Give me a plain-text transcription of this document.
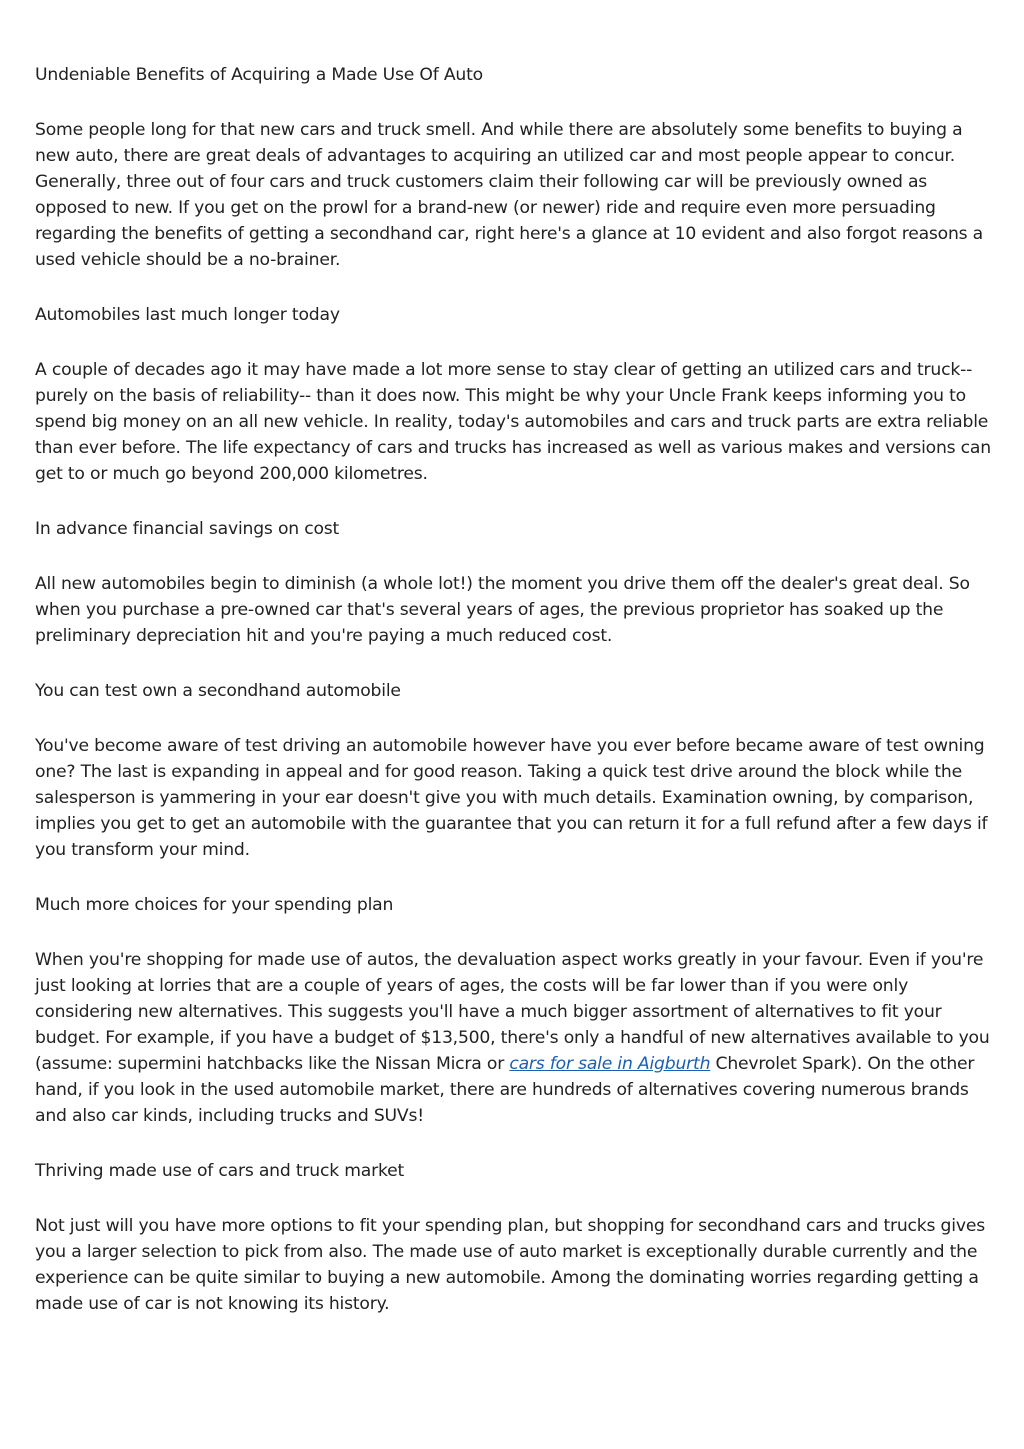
Undeniable Benefits of Acquiring a Made Use Of Auto

Some people long for that new cars and truck smell. And while there are absolutely some benefits to buying a new auto, there are great deals of advantages to acquiring an utilized car and most people appear to concur. Generally, three out of four cars and truck customers claim their following car will be previously owned as opposed to new. If you get on the prowl for a brand-new (or newer) ride and require even more persuading regarding the benefits of getting a secondhand car, right here's a glance at 10 evident and also forgot reasons a used vehicle should be a no-brainer.

Automobiles last much longer today

A couple of decades ago it may have made a lot more sense to stay clear of getting an utilized cars and truck-- purely on the basis of reliability-- than it does now. This might be why your Uncle Frank keeps informing you to spend big money on an all new vehicle. In reality, today's automobiles and cars and truck parts are extra reliable than ever before. The life expectancy of cars and trucks has increased as well as various makes and versions can get to or much go beyond 200,000 kilometres.

In advance financial savings on cost

All new automobiles begin to diminish (a whole lot!) the moment you drive them off the dealer's great deal. So when you purchase a pre-owned car that's several years of ages, the previous proprietor has soaked up the preliminary depreciation hit and you're paying a much reduced cost.

You can test own a secondhand automobile

You've become aware of test driving an automobile however have you ever before became aware of test owning one? The last is expanding in appeal and for good reason. Taking a quick test drive around the block while the salesperson is yammering in your ear doesn't give you with much details. Examination owning, by comparison, implies you get to get an automobile with the guarantee that you can return it for a full refund after a few days if you transform your mind.

Much more choices for your spending plan

When you're shopping for made use of autos, the devaluation aspect works greatly in your favour. Even if you're just looking at lorries that are a couple of years of ages, the costs will be far lower than if you were only considering new alternatives. This suggests you'll have a much bigger assortment of alternatives to fit your budget. For example, if you have a budget of $13,500, there's only a handful of new alternatives available to you (assume: supermini hatchbacks like the Nissan Micra or cars for sale in Aigburth Chevrolet Spark). On the other hand, if you look in the used automobile market, there are hundreds of alternatives covering numerous brands and also car kinds, including trucks and SUVs!

Thriving made use of cars and truck market

Not just will you have more options to fit your spending plan, but shopping for secondhand cars and trucks gives you a larger selection to pick from also. The made use of auto market is exceptionally durable currently and the experience can be quite similar to buying a new automobile. Among the dominating worries regarding getting a made use of car is not knowing its history.
